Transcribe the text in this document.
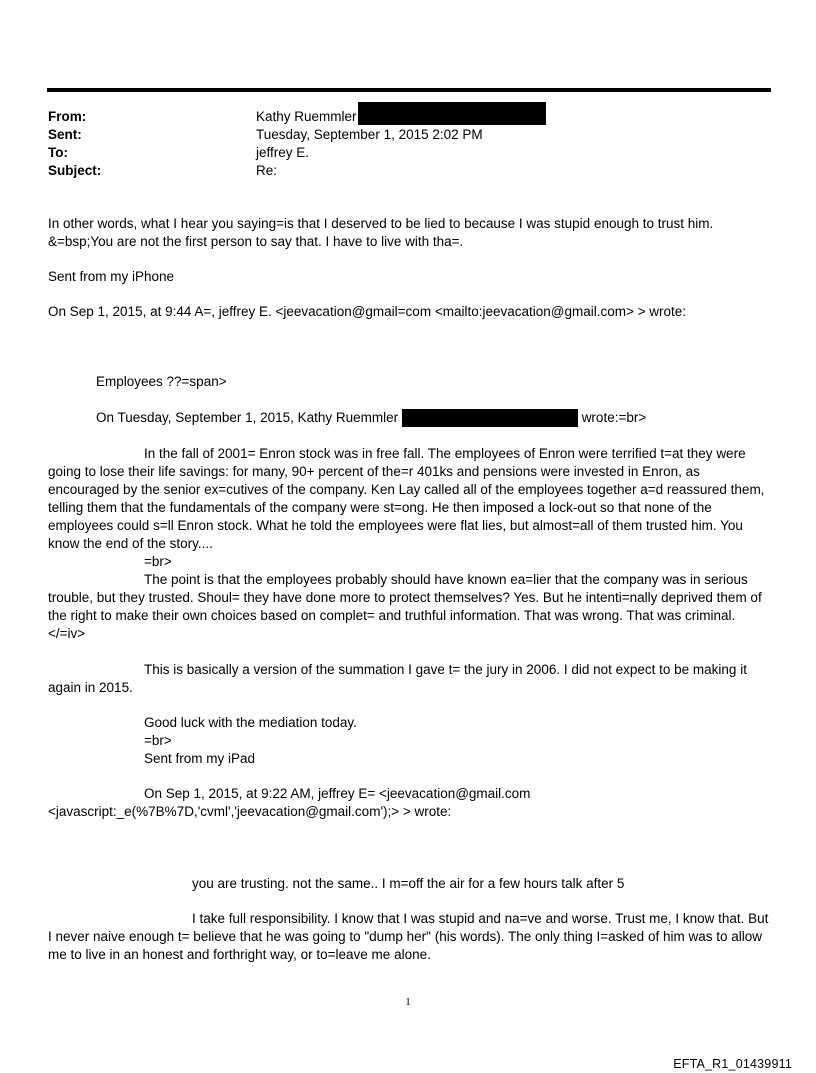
From:	Kathy Ruemmler
Sent:	Tuesday, September 1, 2015 2:02 PM
To:	jeffrey E.
Subject:	Re:

In other words, what I hear you saying=is that I deserved to be lied to because I was stupid enough to trust him.

&=bsp;You are not the first person to say that. I have to live with tha=.

Sent from my iPhone

On Sep 1, 2015, at 9:44 A=, jeffrey E. <jeevacation@gmail=com <mailto:jeevacation@gmail.com> > wrote:

Employees ??=span>

On Tuesday, September 1, 2015, Kathy Ruemmler	wrote:=br>

In the fall of 2001= Enron stock was in free fall. The employees of Enron were terrified t=at they were going to lose their life savings: for many, 90+ percent of the=r 401ks and pensions were invested in Enron, as encouraged by the senior ex=cutives of the company. Ken Lay called all of the employees together a=d reassured them, telling them that the fundamentals of the company were st=ong. He then imposed a lock-out so that none of the employees could s=ll Enron stock. What he told the employees were flat lies, but almost=all of them trusted him. You know the end of the story....

=br>

The point is that the employees probably should have known ea=lier that the company was in serious trouble, but they trusted. Shoul= they have done more to protect themselves? Yes. But he intenti=nally deprived them of the right to make their own choices based on complet= and truthful information. That was wrong. That was criminal.</=iv>

This is basically a version of the summation I gave t= the jury in 2006. I did not expect to be making it again in 2015.

Good luck with the mediation today.

=br>

Sent from my iPad

On Sep 1, 2015, at 9:22 AM, jeffrey E= <jeevacation@gmail.com

<javascript:_e(%7B%7D,'cvml','jeevacation@gmail.com');> > wrote:

you are trusting. not the same.. I m=off the air for a few hours talk after 5

I take full responsibility. I know that I was stupid and na=ve and worse. Trust me, I know that. But I never naive enough t= believe that he was going to "dump her" (his words). The only thing I=asked of him was to allow me to live in an honest and forthright way, or to=leave me alone.

1
EFTA_R1_01439911
